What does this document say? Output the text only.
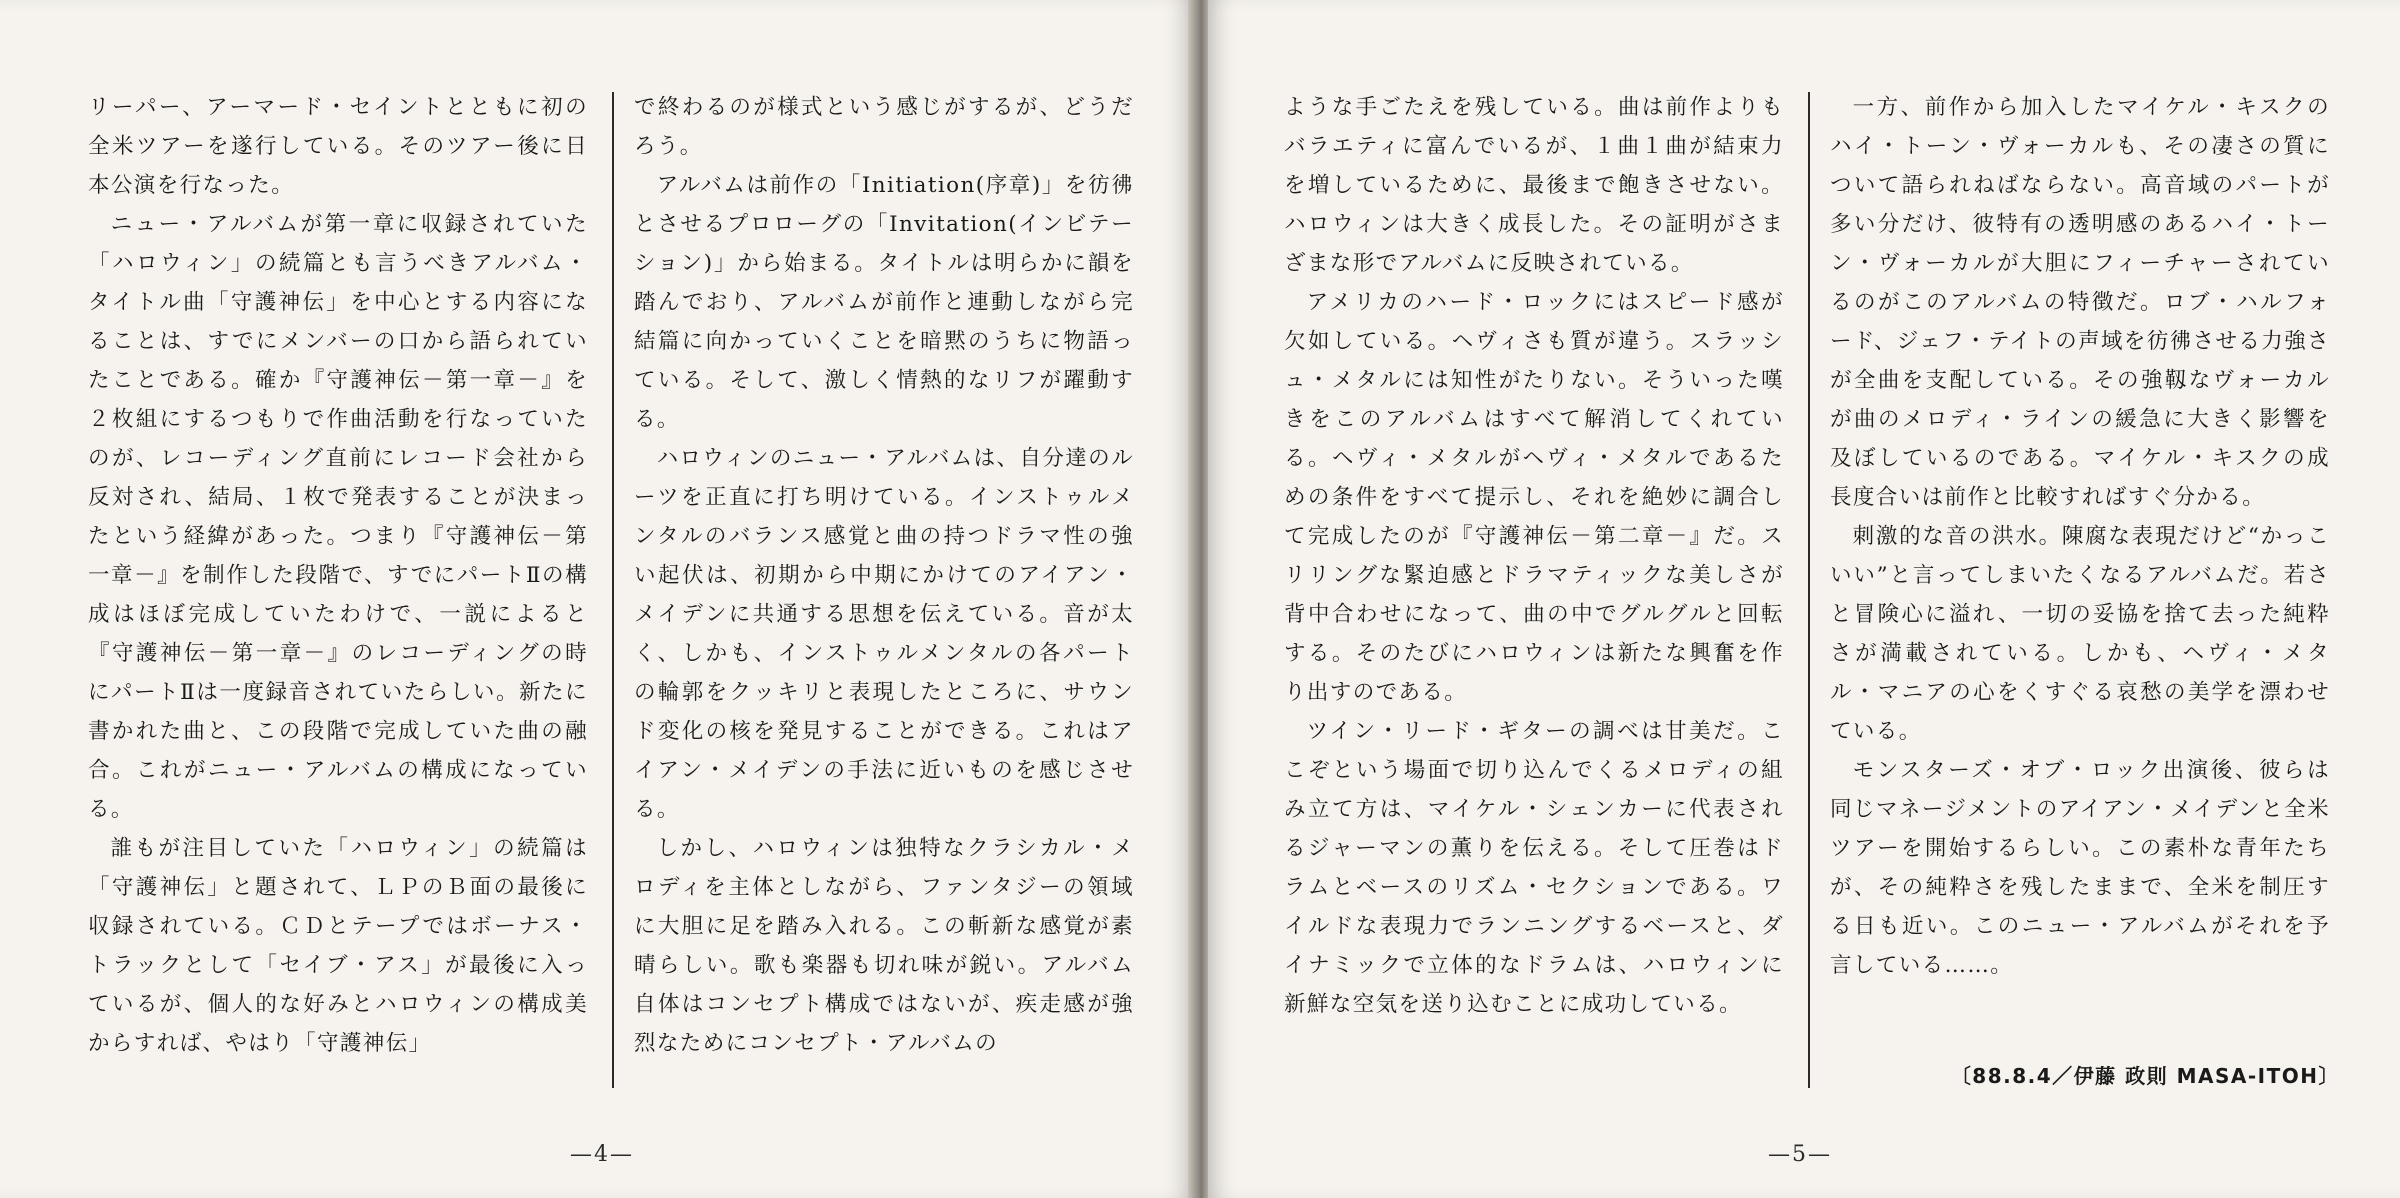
リーパー、アーマード・セイントとともに初の全米ツアーを遂行している。そのツアー後に日本公演を行なった。

ニュー・アルバムが第一章に収録されていた「ハロウィン」の続篇とも言うべきアルバム・タイトル曲「守護神伝」を中心とする内容になることは、すでにメンバーの口から語られていたことである。確か『守護神伝－第一章－』を２枚組にするつもりで作曲活動を行なっていたのが、レコーディング直前にレコード会社から反対され、結局、１枚で発表することが決まったという経緯があった。つまり『守護神伝－第一章－』を制作した段階で、すでにパートⅡの構成はほぼ完成していたわけで、一説によると『守護神伝－第一章－』のレコーディングの時にパートⅡは一度録音されていたらしい。新たに書かれた曲と、この段階で完成していた曲の融合。これがニュー・アルバムの構成になっている。

誰もが注目していた「ハロウィン」の続篇は「守護神伝」と題されて、ＬＰのＢ面の最後に収録されている。ＣＤとテープではボーナス・トラックとして「セイブ・アス」が最後に入っているが、個人的な好みとハロウィンの構成美からすれば、やはり「守護神伝」

で終わるのが様式という感じがするが、どうだろう。

アルバムは前作の「Initiation(序章)」を彷彿とさせるプロローグの「Invitation(インビテーション)」から始まる。タイトルは明らかに韻を踏んでおり、アルバムが前作と連動しながら完結篇に向かっていくことを暗黙のうちに物語っている。そして、激しく情熱的なリフが躍動する。

ハロウィンのニュー・アルバムは、自分達のルーツを正直に打ち明けている。インストゥルメンタルのバランス感覚と曲の持つドラマ性の強い起伏は、初期から中期にかけてのアイアン・メイデンに共通する思想を伝えている。音が太く、しかも、インストゥルメンタルの各パートの輪郭をクッキリと表現したところに、サウンド変化の核を発見することができる。これはアイアン・メイデンの手法に近いものを感じさせる。

しかし、ハロウィンは独特なクラシカル・メロディを主体としながら、ファンタジーの領域に大胆に足を踏み入れる。この斬新な感覚が素晴らしい。歌も楽器も切れ味が鋭い。アルバム自体はコンセプト構成ではないが、疾走感が強烈なためにコンセプト・アルバムの

—4—

ような手ごたえを残している。曲は前作よりもバラエティに富んでいるが、１曲１曲が結束力を増しているために、最後まで飽きさせない。ハロウィンは大きく成長した。その証明がさまざまな形でアルバムに反映されている。

アメリカのハード・ロックにはスピード感が欠如している。ヘヴィさも質が違う。スラッシュ・メタルには知性がたりない。そういった嘆きをこのアルバムはすべて解消してくれている。ヘヴィ・メタルがヘヴィ・メタルであるための条件をすべて提示し、それを絶妙に調合して完成したのが『守護神伝－第二章－』だ。スリリングな緊迫感とドラマティックな美しさが背中合わせになって、曲の中でグルグルと回転する。そのたびにハロウィンは新たな興奮を作り出すのである。

ツイン・リード・ギターの調べは甘美だ。ここぞという場面で切り込んでくるメロディの組み立て方は、マイケル・シェンカーに代表されるジャーマンの薫りを伝える。そして圧巻はドラムとベースのリズム・セクションである。ワイルドな表現力でランニングするベースと、ダイナミックで立体的なドラムは、ハロウィンに新鮮な空気を送り込むことに成功している。

一方、前作から加入したマイケル・キスクのハイ・トーン・ヴォーカルも、その凄さの質について語られねばならない。高音域のパートが多い分だけ、彼特有の透明感のあるハイ・トーン・ヴォーカルが大胆にフィーチャーされているのがこのアルバムの特徴だ。ロブ・ハルフォード、ジェフ・テイトの声域を彷彿させる力強さが全曲を支配している。その強靱なヴォーカルが曲のメロディ・ラインの緩急に大きく影響を及ぼしているのである。マイケル・キスクの成長度合いは前作と比較すればすぐ分かる。

刺激的な音の洪水。陳腐な表現だけど“かっこいい”と言ってしまいたくなるアルバムだ。若さと冒険心に溢れ、一切の妥協を捨て去った純粋さが満載されている。しかも、ヘヴィ・メタル・マニアの心をくすぐる哀愁の美学を漂わせている。

モンスターズ・オブ・ロック出演後、彼らは同じマネージメントのアイアン・メイデンと全米ツアーを開始するらしい。この素朴な青年たちが、その純粋さを残したままで、全米を制圧する日も近い。このニュー・アルバムがそれを予言している……。

〔88.8.4／伊藤 政則 MASA-ITOH〕
—5—
